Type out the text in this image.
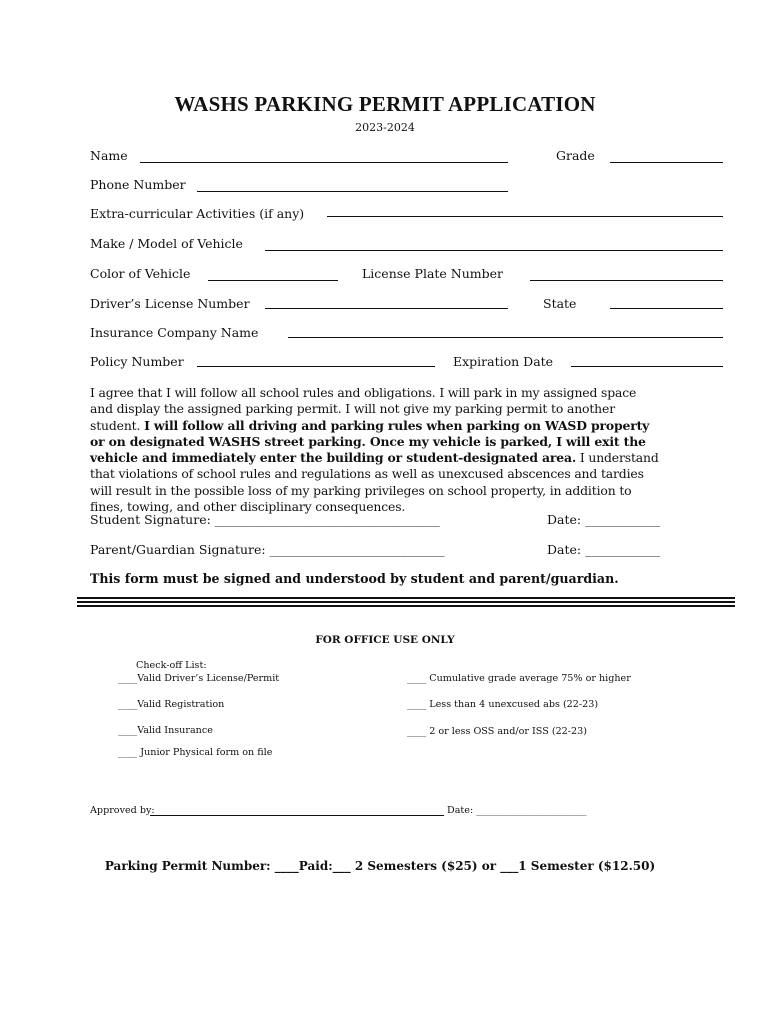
WASHS PARKING PERMIT APPLICATION
2023-2024
Name	Grade
Phone Number
Extra-curricular Activities (if any)
Make / Model of Vehicle
Color of Vehicle	License Plate Number
Driver’s License Number	State
Insurance Company Name
Policy Number	Expiration Date
I agree that I will follow all school rules and obligations. I will park in my assigned space and display the assigned parking permit. I will not give my parking permit to another student. I will follow all driving and parking rules when parking on WASD property or on designated WASHS street parking. Once my vehicle is parked, I will exit the vehicle and immediately enter the building or student-designated area. I understand that violations of school rules and regulations as well as unexcused abscences and tardies will result in the possible loss of my parking privileges on school property, in addition to fines, towing, and other disciplinary consequences.
Student Signature: ____________________________________	Date: ____________
Parent/Guardian Signature: ____________________________	Date: ____________
This form must be signed and understood by student and parent/guardian.
FOR OFFICE USE ONLY
Check-off List:
____Valid Driver’s License/Permit
____Valid Registration
____Valid Insurance
____ Junior Physical form on file
____ Cumulative grade average 75% or higher
____ Less than 4 unexcused abs (22-23)
____ 2 or less OSS and/or ISS (22-23)
Approved by:	Date: _______________________
Parking Permit Number: ____Paid:___ 2 Semesters ($25) or ___1 Semester ($12.50)
